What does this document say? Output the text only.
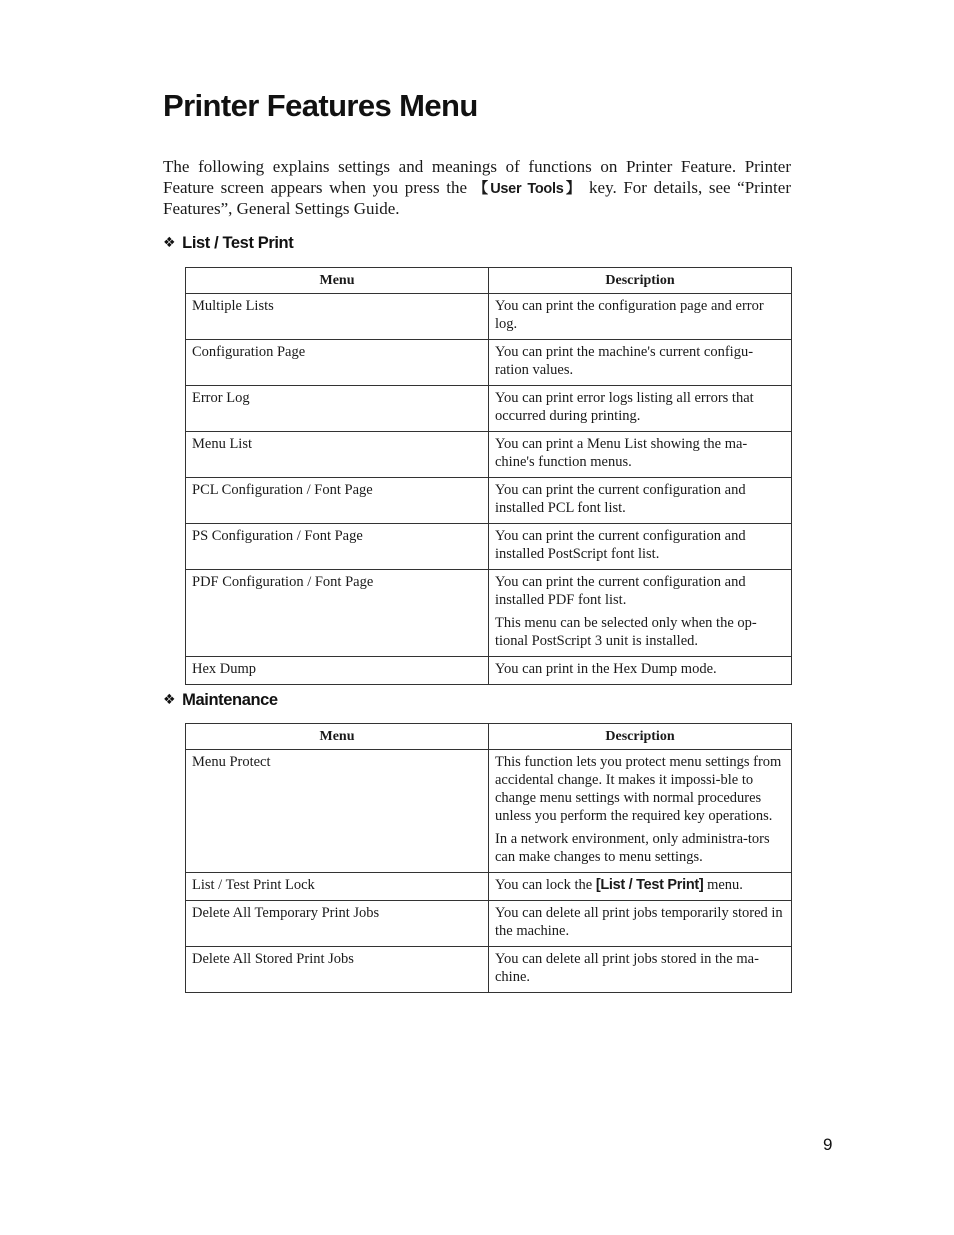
Printer Features Menu

The following explains settings and meanings of functions on Printer Feature. Printer Feature screen appears when you press the 【User Tools】 key. For details, see “Printer Features”, General Settings Guide.

❖ List / Test Print
Menu	Description
Multiple Lists	You can print the configuration page and error log.

Configuration Page	You can print the machine's current configu-ration values.

Error Log	You can print error logs listing all errors that occurred during printing.

Menu List	You can print a Menu List showing the ma-chine's function menus.

PCL Configuration / Font Page	You can print the current configuration and installed PCL font list.

PS Configuration / Font Page	You can print the current configuration and installed PostScript font list.

PDF Configuration / Font Page	You can print the current configuration and installed PDF font list.

This menu can be selected only when the op-tional PostScript 3 unit is installed.

Hex Dump	You can print in the Hex Dump mode.

❖ Maintenance
Menu	Description
Menu Protect	This function lets you protect menu settings from accidental change. It makes it impossi-ble to change menu settings with normal procedures unless you perform the required key operations.

In a network environment, only administra-tors can make changes to menu settings.

List / Test Print Lock	You can lock the [List / Test Print] menu.

Delete All Temporary Print Jobs	You can delete all print jobs temporarily stored in the machine.

Delete All Stored Print Jobs	You can delete all print jobs stored in the ma-chine.

9
